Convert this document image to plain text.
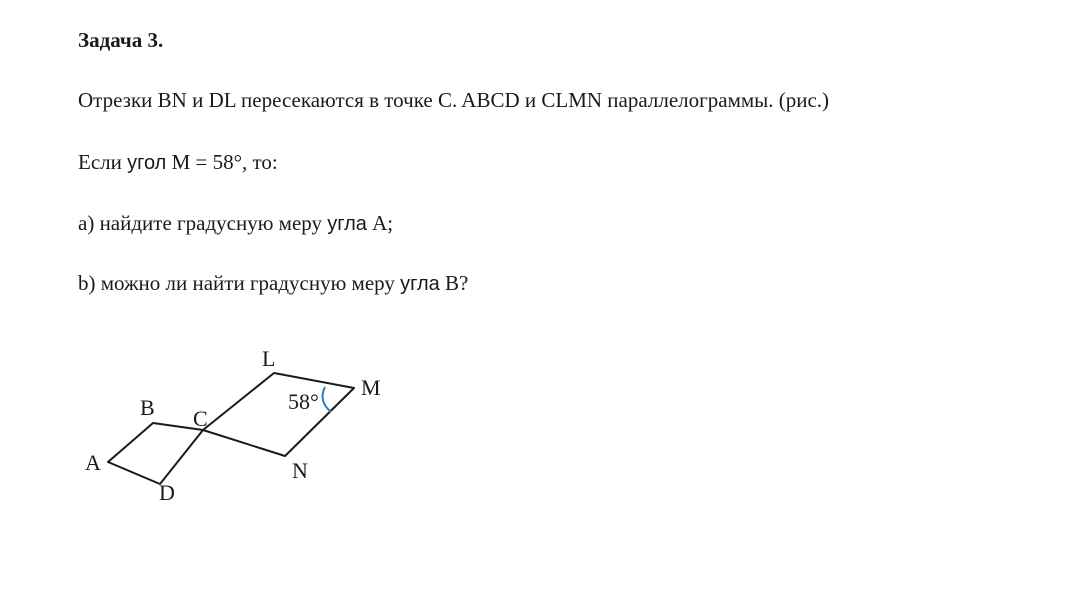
Задача 3.
Отрезки BN и DL пересекаются в точке C. ABCD и CLMN параллелограммы. (рис.)
Если угол M = 58°, то:
a) найдите градусную меру угла A;
b) можно ли найти градусную меру угла B?
A
B C
D
L
M
N
58°
